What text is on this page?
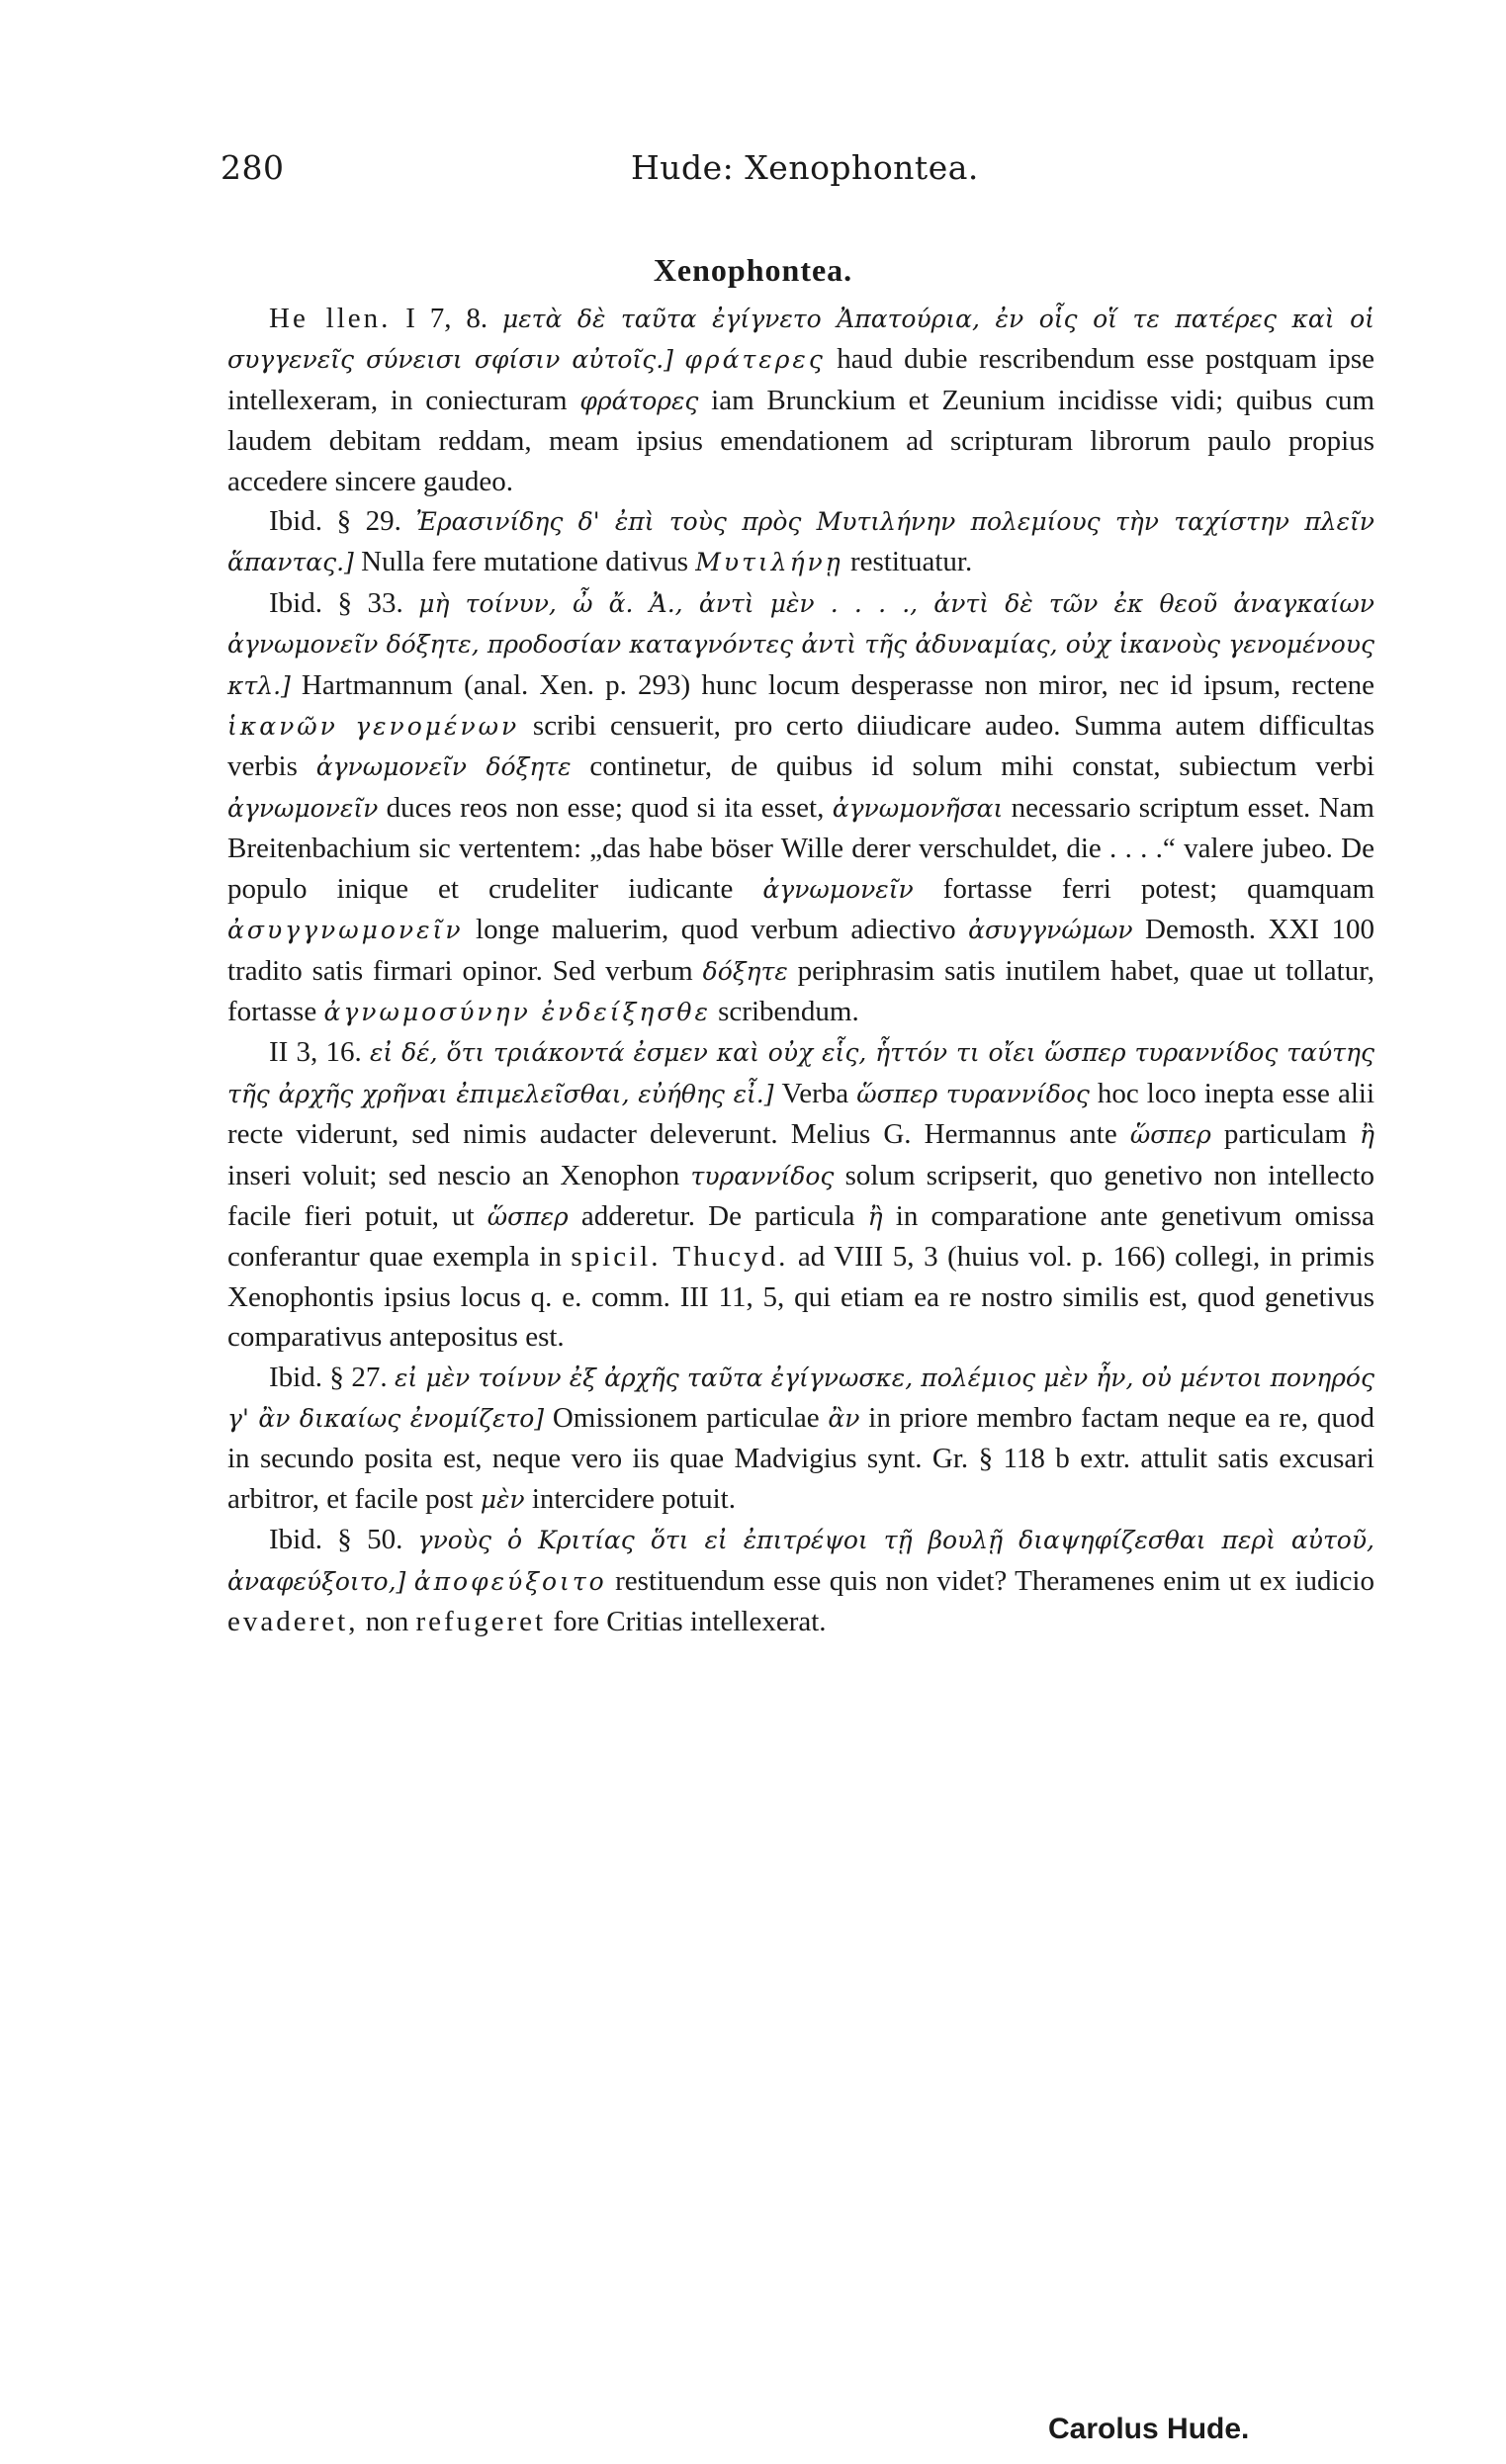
280	Hude: Xenophontea.
Xenophontea.

He llen. I 7, 8. μετὰ δὲ ταῦτα ἐγίγνετο Ἀπατούρια, ἐν οἷς οἵ τε πατέρες καὶ οἱ συγγενεῖς σύνεισι σφίσιν αὐτοῖς.] φράτερες haud dubie rescribendum esse postquam ipse intellexeram, in coniecturam φράτορες iam Brunckium et Zeunium incidisse vidi; quibus cum laudem debitam reddam, meam ipsius emendationem ad scripturam librorum paulo propius accedere sincere gaudeo.

Ibid. § 29. Ἐρασινίδης δ' ἐπὶ τοὺς πρὸς Μυτιλήνην πολεμίους τὴν ταχίστην πλεῖν ἅπαντας.] Nulla fere mutatione dativus Μυτιλήνῃ restituatur.

Ibid. § 33. μὴ τοίνυν, ὦ ἄ. Ἀ., ἀντὶ μὲν . . . ., ἀντὶ δὲ τῶν ἐκ θεοῦ ἀναγκαίων ἀγνωμονεῖν δόξητε, προδοσίαν καταγνόντες ἀντὶ τῆς ἀδυναμίας, οὐχ ἱκανοὺς γενομένους κτλ.] Hartmannum (anal. Xen. p. 293) hunc locum desperasse non miror, nec id ipsum, rectene ἱκανῶν γενομένων scribi censuerit, pro certo diiudicare audeo. Summa autem difficultas verbis ἀγνωμονεῖν δόξητε continetur, de quibus id solum mihi constat, subiectum verbi ἀγνωμονεῖν duces reos non esse; quod si ita esset, ἀγνωμονῆσαι necessario scriptum esset. Nam Breitenbachium sic vertentem: „das habe böser Wille derer verschuldet, die . . . .“ valere jubeo. De populo inique et crudeliter iudicante ἀγνωμονεῖν fortasse ferri potest; quamquam ἀσυγγνωμονεῖν longe maluerim, quod verbum adiectivo ἀσυγγνώμων Demosth. XXI 100 tradito satis firmari opinor. Sed verbum δόξητε periphrasim satis inutilem habet, quae ut tollatur, fortasse ἀγνωμοσύνην ἐνδείξησθε scribendum.

II 3, 16. εἰ δέ, ὅτι τριάκοντά ἐσμεν καὶ οὐχ εἷς, ἧττόν τι οἴει ὥσπερ τυραννίδος ταύτης τῆς ἀρχῆς χρῆναι ἐπιμελεῖσθαι, εὐήθης εἶ.] Verba ὥσπερ τυραννίδος hoc loco inepta esse alii recte viderunt, sed nimis audacter deleverunt. Melius G. Hermannus ante ὥσπερ particulam ἢ inseri voluit; sed nescio an Xenophon τυραννίδος solum scripserit, quo genetivo non intellecto facile fieri potuit, ut ὥσπερ adderetur. De particula ἢ in comparatione ante genetivum omissa conferantur quae exempla in spicil. Thucyd. ad VIII 5, 3 (huius vol. p. 166) collegi, in primis Xenophontis ipsius locus q. e. comm. III 11, 5, qui etiam ea re nostro similis est, quod genetivus comparativus antepositus est.

Ibid. § 27. εἰ μὲν τοίνυν ἐξ ἀρχῆς ταῦτα ἐγίγνωσκε, πολέμιος μὲν ἦν, οὐ μέντοι πονηρός γ' ἂν δικαίως ἐνομίζετο] Omissionem particulae ἂν in priore membro factam neque ea re, quod in secundo posita est, neque vero iis quae Madvigius synt. Gr. § 118 b extr. attulit satis excusari arbitror, et facile post μὲν intercidere potuit.

Ibid. § 50. γνοὺς ὁ Κριτίας ὅτι εἰ ἐπιτρέψοι τῇ βουλῇ διαψηφίζεσθαι περὶ αὐτοῦ, ἀναφεύξοιτο,] ἀποφεύξοιτο restituendum esse quis non videt? Theramenes enim ut ex iudicio evaderet, non refugeret fore Critias intellexerat.

Carolus Hude.
